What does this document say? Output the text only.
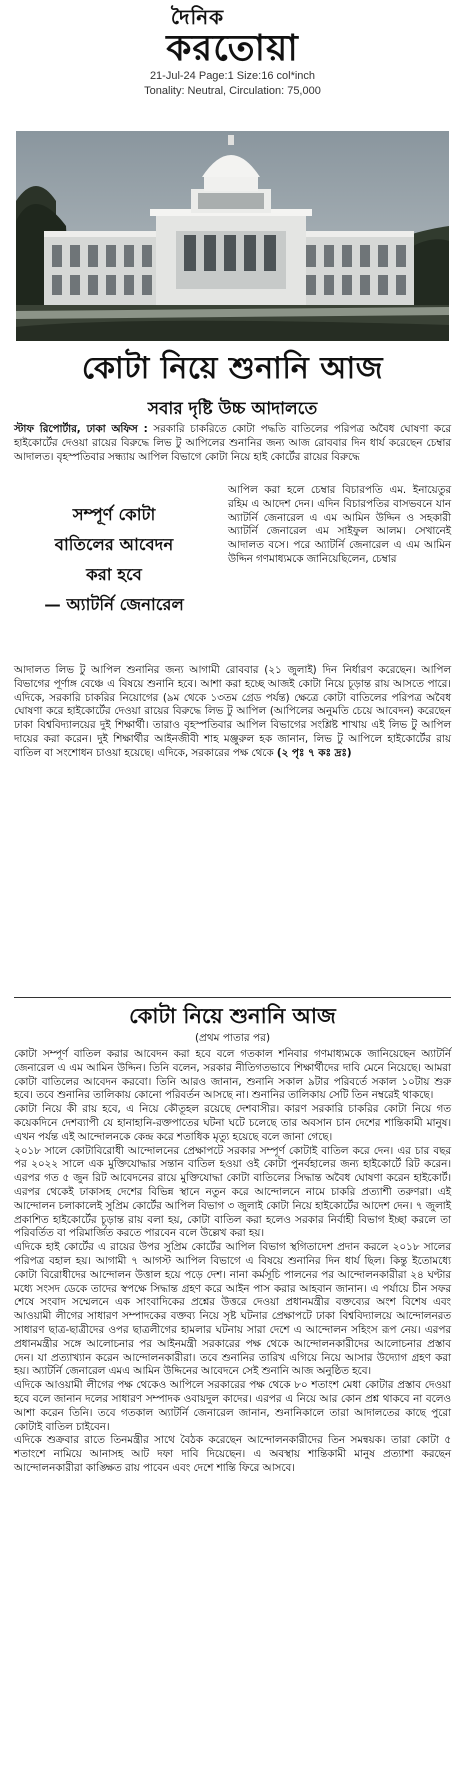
দৈনিক
করতোয়া
21-Jul-24 Page:1 Size:16 col*inch
Tonality: Neutral, Circulation: 75,000
কোটা নিয়ে শুনানি আজ
সবার দৃষ্টি উচ্চ আদালতে

স্টাফ রিপোর্টার, ঢাকা অফিস : সরকারি চাকরিতে কোটা পদ্ধতি বাতিলের পরিপত্র অবৈধ ঘোষণা করে হাইকোর্টের দেওয়া রায়ের বিরুদ্ধে লিভ টু আপিলের শুনানির জন্য আজ রোববার দিন ধার্য করেছেন চেম্বার আদালত। বৃহস্পতিবার সন্ধ্যায় আপিল বিভাগে কোটা নিয়ে হাই কোর্টের রায়ের বিরুদ্ধে

সম্পূর্ণ কোটা
বাতিলের আবেদন
করা হবে
— অ্যাটর্নি জেনারেল

আপিল করা হলে চেম্বার বিচারপতি এম. ইনায়েতুর রহিম এ আদেশ দেন। এদিন বিচারপতির বাসভবনে যান অ্যাটর্নি জেনারেল এ এম আমিন উদ্দিন ও সহকারী অ্যাটর্নি জেনারেল এম সাইফুল আলম। সেখানেই আদালত বসে। পরে অ্যাটর্নি জেনারেল এ এম আমিন উদ্দিন গণমাধ্যমকে জানিয়েছিলেন, চেম্বার

আদালত লিভ টু আপিল শুনানির জন্য আগামী রোববার (২১ জুলাই) দিন নির্ধারণ করেছেন। আপিল বিভাগের পূর্ণাঙ্গ বেঞ্চে এ বিষয়ে শুনানি হবে। আশা করা হচ্ছে আজই কোটা নিয়ে চূড়ান্ত রায় আসতে পারে। এদিকে, সরকারি চাকরির নিয়োগের (৯ম থেকে ১৩তম গ্রেড পর্যন্ত) ক্ষেত্রে কোটা বাতিলের পরিপত্র অবৈধ ঘোষণা করে হাইকোর্টের দেওয়া রায়ের বিরুদ্ধে লিভ টু আপিল (আপিলের অনুমতি চেয়ে আবেদন) করেছেন ঢাকা বিশ্ববিদ্যালয়ের দুই শিক্ষার্থী। তারাও বৃহস্পতিবার আপিল বিভাগের সংশ্লিষ্ট শাখায় এই লিভ টু আপিল দায়ের করা করেন। দুই শিক্ষার্থীর আইনজীবী শাহ মঞ্জুরুল হক জানান, লিভ টু আপিলে হাইকোর্টের রায় বাতিল বা সংশোধন চাওয়া হয়েছে। এদিকে, সরকারের পক্ষ থেকে (২ পৃঃ ৭ কঃ দ্রঃ)

কোটা নিয়ে শুনানি আজ
(প্রথম পাতার পর)

কোটা সম্পূর্ণ বাতিল করার আবেদন করা হবে বলে গতকাল শনিবার গণমাধ্যমকে জানিয়েছেন অ্যাটর্নি জেনারেল এ এম আমিন উদ্দিন। তিনি বলেন, সরকার নীতিগতভাবে শিক্ষার্থীদের দাবি মেনে নিয়েছে। আমরা কোটা বাতিলের আবেদন করবো। তিনি আরও জানান, শুনানি সকাল ৯টার পরিবর্তে সকাল ১০টায় শুরু হবে। তবে শুনানির তালিকায় কোনো পরিবর্তন আসছে না। শুনানির তালিকায় সেটি তিন নম্বরেই থাকছে।

কোটা নিয়ে কী রায় হবে, এ নিয়ে কৌতূহল রয়েছে দেশবাসীর। কারণ সরকারি চাকরির কোটা নিয়ে গত কয়েকদিনে দেশব্যাপী যে হানাহানি-রক্তপাতের ঘটনা ঘটে চলেছে তার অবসান চান দেশের শান্তিকামী মানুষ। এখন পর্যন্ত এই আন্দোলনকে কেন্দ্র করে শতাধিক মৃত্যু হয়েছে বলে জানা গেছে।

২০১৮ সালে কোটাবিরোধী আন্দোলনের প্রেক্ষাপটে সরকার সম্পূর্ণ কোটাই বাতিল করে দেন। এর চার বছর পর ২০২২ সালে এক মুক্তিযোদ্ধার সন্তান বাতিল হওয়া ওই কোটা পুনর্বহালের জন্য হাইকোর্টে রিট করেন। এরপর গত ৫ জুন রিট আবেদনের রায়ে মুক্তিযোদ্ধা কোটা বাতিলের সিদ্ধান্ত অবৈধ ঘোষণা করেন হাইকোর্ট। এরপর থেকেই ঢাকাসহ দেশের বিভিন্ন স্থানে নতুন করে আন্দোলনে নামে চাকরি প্রত্যাশী তরুণরা। এই আন্দোলন চলাকালেই সুপ্রিম কোর্টের আপিল বিভাগ ৩ জুলাই কোটা নিয়ে হাইকোর্টের আদেশ দেন। ৭ জুলাই প্রকাশিত হাইকোর্টের চূড়ান্ত রায় বলা হয়, কোটা বাতিল করা হলেও সরকার নির্বাহী বিভাগ ইচ্ছা করলে তা পরিবর্তিত বা পরিমার্জিত করতে পারবেন বলে উল্লেখ করা হয়।

এদিকে হাই কোর্টের এ রায়ের উপর সুপ্রিম কোর্টের আপিল বিভাগ স্থগিতাদেশ প্রদান করলে ২০১৮ সালের পরিপত্র বহাল হয়। আগামী ৭ আগস্ট আপিল বিভাগে এ বিষয়ে শুনানির দিন ধার্য ছিল। কিন্তু ইতোমধ্যে কোটা বিরোধীদের আন্দোলন উত্তাল হয়ে পড়ে দেশ। নানা কর্মসূচি পালনের পর আন্দোলনকারীরা ২৪ ঘণ্টার মধ্যে সংসদ ডেকে তাদের স্বপক্ষে সিদ্ধান্ত গ্রহণ করে আইন পাস করার আহবান জানান। এ পর্যায়ে চীন সফর শেষে সংবাদ সম্মেলনে এক সাংবাদিকের প্রশ্নের উত্তরে দেওয়া প্রধানমন্ত্রীর বক্তব্যের অংশ বিশেষ এবং আওয়ামী লীগের সাধারণ সম্পাদকের বক্তব্য নিয়ে সৃষ্ট ঘটনার প্রেক্ষাপটে ঢাকা বিশ্ববিদ্যালয়ে আন্দোলনরত সাধারণ ছাত্র-ছাত্রীদের ওপর ছাত্রলীগের হামলার ঘটনায় সারা দেশে এ আন্দোলন সহিংস রূপ নেয়। এরপর প্রধানমন্ত্রীর সঙ্গে আলোচনার পর আইনমন্ত্রী সরকারের পক্ষ থেকে আন্দোলনকারীদের আলোচনার প্রস্তাব দেন। যা প্রত্যাখ্যান করেন আন্দোলনকারীরা। তবে শুনানির তারিখ এগিয়ে নিয়ে আসার উদ্যোগ গ্রহণ করা হয়। অ্যাটর্নি জেনারেল এমএ আমিন উদ্দিনের আবেদনে সেই শুনানি আজ অনুষ্ঠিত হবে।

এদিকে আওয়ামী লীগের পক্ষ থেকেও আপিলে সরকারের পক্ষ থেকে ৮০ শতাংশ মেধা কোটার প্রস্তাব দেওয়া হবে বলে জানান দলের সাধারণ সম্পাদক ওবায়দুল কাদের। এরপর এ নিয়ে আর কোন প্রশ্ন থাকবে না বলেও আশা করেন তিনি। তবে গতকাল অ্যাটর্নি জেনারেল জানান, শুনানিকালে তারা আদালতের কাছে পুরো কোটাই বাতিল চাইবেন।

এদিকে শুক্রবার রাতে তিনমন্ত্রীর সাথে বৈঠক করেছেন আন্দোলনকারীদের তিন সমন্বয়ক। তারা কোটা ৫ শতাংশে নামিয়ে আনাসহ আট দফা দাবি দিয়েছেন। এ অবস্থায় শান্তিকামী মানুষ প্রত্যাশা করছেন আন্দোলনকারীরা কাঙ্ক্ষিত রায় পাবেন এবং দেশে শান্তি ফিরে আসবে।
